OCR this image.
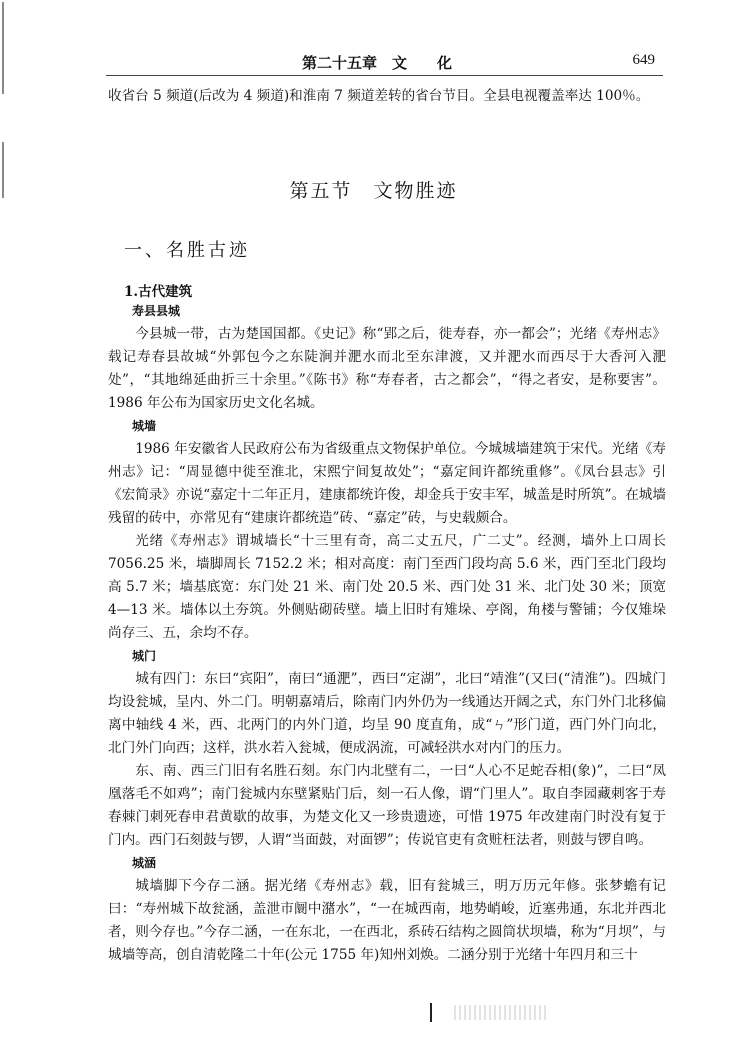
第二十五章　文　　化	649

收省台 5 频道(后改为 4 频道)和淮南 7 频道差转的省台节目。全县电视覆盖率达 100％。

第五节　文物胜迹
一、名胜古迹
1.古代建筑

寿县县城

今县城一带，古为楚国国都。《史记》称“郢之后，徙寿春，亦一都会”；光绪《寿州志》载记寿春县故城“外郭包今之东陡涧并淝水而北至东津渡，又并淝水而西尽于大香河入淝处”，“其地绵延曲折三十余里。”《陈书》称“寿春者，古之都会”，“得之者安，是称要害”。1986 年公布为国家历史文化名城。

城墙

1986 年安徽省人民政府公布为省级重点文物保护单位。今城城墙建筑于宋代。光绪《寿州志》记：“周显德中徙至淮北，宋熙宁间复故处”；“嘉定间许都统重修”。《凤台县志》引《宏简录》亦说“嘉定十二年正月，建康都统许俊，却金兵于安丰军，城盖是时所筑”。在城墙残留的砖中，亦常见有“建康许都统造”砖、“嘉定”砖，与史载颇合。

光绪《寿州志》谓城墙长“十三里有奇，高二丈五尺，广二丈”。经测，墙外上口周长 7056.25 米，墙脚周长 7152.2 米；相对高度：南门至西门段均高 5.6 米，西门至北门段均高 5.7 米；墙基底宽：东门处 21 米、南门处 20.5 米、西门处 31 米、北门处 30 米；顶宽 4—13 米。墙体以土夯筑。外侧贴砌砖壁。墙上旧时有雉垛、亭阁，角楼与警铺；今仅雉垛尚存三、五，余均不存。

城门

城有四门：东曰“宾阳”，南曰“通淝”，西曰“定湖”，北曰“靖淮”(又曰(“清淮”)。四城门均设瓮城，呈内、外二门。明朝嘉靖后，除南门内外仍为一线通达开阔之式，东门外门北移偏离中轴线 4 米，西、北两门的内外门道，均呈 90 度直角，成“ㄣ”形门道，西门外门向北，北门外门向西；这样，洪水若入瓮城，便成涡流，可减轻洪水对内门的压力。

东、南、西三门旧有名胜石刻。东门内北壁有二，一曰“人心不足蛇吞相(象)”，二曰“凤凰落毛不如鸡”；南门瓮城内东壁紧贴门后，刻一石人像，谓“门里人”。取自李园藏刺客于寿春棘门刺死春申君黄歇的故事，为楚文化又一珍贵遗迹，可惜 1975 年改建南门时没有复于门内。西门石刻鼓与锣，人谓“当面鼓，对面锣”；传说官吏有贪赃枉法者，则鼓与锣自鸣。

城涵

城墙脚下今存二涵。据光绪《寿州志》载，旧有瓮城三，明万历元年修。张梦蟾有记曰：“寿州城下故瓮涵，盖泄市阛中潴水”，“一在城西南，地势峭峻，近塞弗通，东北并西北者，则今存也。”今存二涵，一在东北，一在西北，系砖石结构之圆筒状坝墙，称为“月坝”，与城墙等高，创自清乾隆二十年(公元 1755 年)知州刘焕。二涵分别于光绪十年四月和三十
